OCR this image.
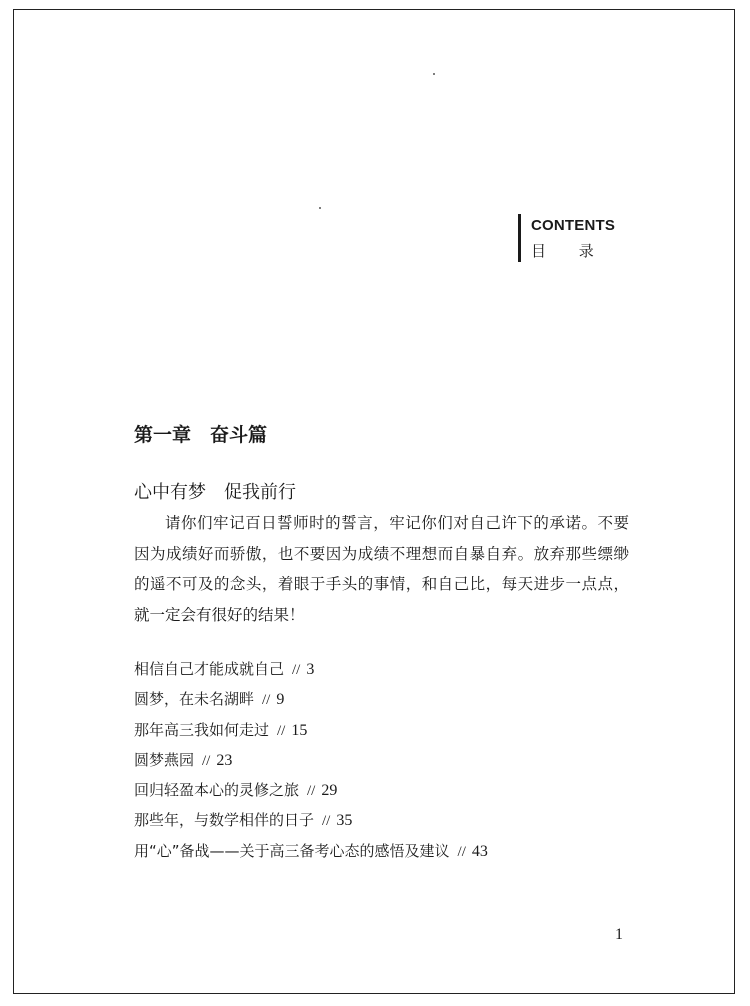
CONTENTS
目 录
第一章　奋斗篇
心中有梦　促我前行

请你们牢记百日誓师时的誓言，牢记你们对自己许下的承诺。不要因为成绩好而骄傲，也不要因为成绩不理想而自暴自弃。放弃那些缥缈的遥不可及的念头，着眼于手头的事情，和自己比，每天进步一点点，就一定会有很好的结果！

相信自己才能成就自己 // 3
圆梦，在未名湖畔 // 9
那年高三我如何走过 // 15
圆梦燕园 // 23
回归轻盈本心的灵修之旅 // 29
那些年，与数学相伴的日子 // 35
用“心”备战——关于高三备考心态的感悟及建议 // 43
1
